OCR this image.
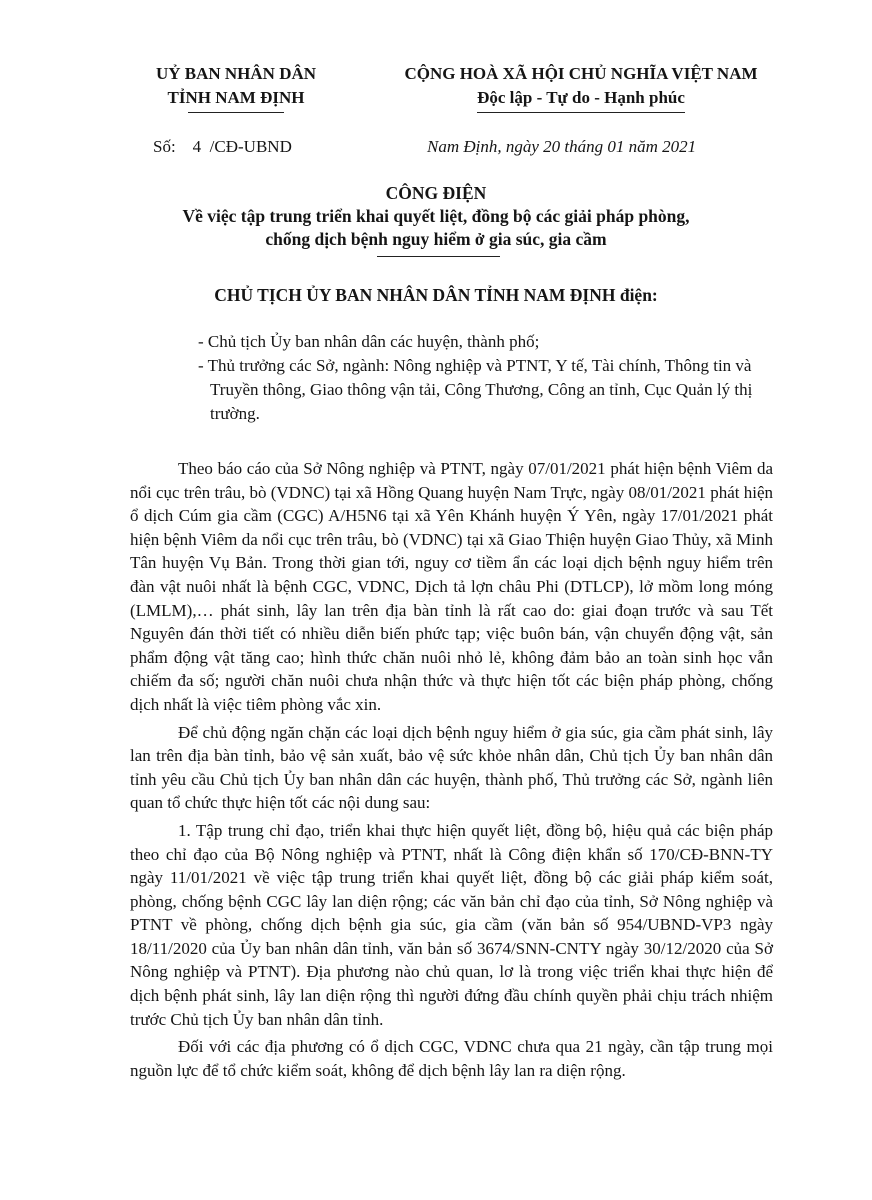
UỶ BAN NHÂN DÂN
TỈNH NAM ĐỊNH
CỘNG HOÀ XÃ HỘI CHỦ NGHĨA VIỆT NAM
Độc lập - Tự do - Hạnh phúc
Số:    4  /CĐ-UBND	Nam Định, ngày 20 tháng 01 năm 2021
CÔNG ĐIỆN
Về việc tập trung triển khai quyết liệt, đồng bộ các giải pháp phòng,
chống dịch bệnh nguy hiểm ở gia súc, gia cầm
CHỦ TỊCH ỦY BAN NHÂN DÂN TỈNH NAM ĐỊNH điện:

- Chủ tịch Ủy ban nhân dân các huyện, thành phố;

- Thủ trưởng các Sở, ngành: Nông nghiệp và PTNT, Y tế, Tài chính, Thông tin và Truyền thông, Giao thông vận tải, Công Thương, Công an tỉnh, Cục Quản lý thị trường.

Theo báo cáo của Sở Nông nghiệp và PTNT, ngày 07/01/2021 phát hiện bệnh Viêm da nổi cục trên trâu, bò (VDNC) tại xã Hồng Quang huyện Nam Trực, ngày 08/01/2021 phát hiện ổ dịch Cúm gia cầm (CGC) A/H5N6 tại xã Yên Khánh huyện Ý Yên, ngày 17/01/2021 phát hiện bệnh Viêm da nổi cục trên trâu, bò (VDNC) tại xã Giao Thiện huyện Giao Thủy, xã Minh Tân huyện Vụ Bản. Trong thời gian tới, nguy cơ tiềm ẩn các loại dịch bệnh nguy hiểm trên đàn vật nuôi nhất là bệnh CGC, VDNC, Dịch tả lợn châu Phi (DTLCP), lở mồm long móng (LMLM),… phát sinh, lây lan trên địa bàn tỉnh là rất cao do: giai đoạn trước và sau Tết Nguyên đán thời tiết có nhiều diễn biến phức tạp; việc buôn bán, vận chuyển động vật, sản phẩm động vật tăng cao; hình thức chăn nuôi nhỏ lẻ, không đảm bảo an toàn sinh học vẫn chiếm đa số; người chăn nuôi chưa nhận thức và thực hiện tốt các biện pháp phòng, chống dịch nhất là việc tiêm phòng vắc xin.

Để chủ động ngăn chặn các loại dịch bệnh nguy hiểm ở gia súc, gia cầm phát sinh, lây lan trên địa bàn tỉnh, bảo vệ sản xuất, bảo vệ sức khỏe nhân dân, Chủ tịch Ủy ban nhân dân tỉnh yêu cầu Chủ tịch Ủy ban nhân dân các huyện, thành phố, Thủ trưởng các Sở, ngành liên quan tổ chức thực hiện tốt các nội dung sau:

1. Tập trung chỉ đạo, triển khai thực hiện quyết liệt, đồng bộ, hiệu quả các biện pháp theo chỉ đạo của Bộ Nông nghiệp và PTNT, nhất là Công điện khẩn số 170/CĐ-BNN-TY ngày 11/01/2021 về việc tập trung triển khai quyết liệt, đồng bộ các giải pháp kiểm soát, phòng, chống bệnh CGC lây lan diện rộng; các văn bản chỉ đạo của tỉnh, Sở Nông nghiệp và PTNT về phòng, chống dịch bệnh gia súc, gia cầm (văn bản số 954/UBND-VP3 ngày 18/11/2020 của Ủy ban nhân dân tỉnh, văn bản số 3674/SNN-CNTY ngày 30/12/2020 của Sở Nông nghiệp và PTNT). Địa phương nào chủ quan, lơ là trong việc triển khai thực hiện để dịch bệnh phát sinh, lây lan diện rộng thì người đứng đầu chính quyền phải chịu trách nhiệm trước Chủ tịch Ủy ban nhân dân tỉnh.

Đối với các địa phương có ổ dịch CGC, VDNC chưa qua 21 ngày, cần tập trung mọi nguồn lực để tổ chức kiểm soát, không để dịch bệnh lây lan ra diện rộng.
